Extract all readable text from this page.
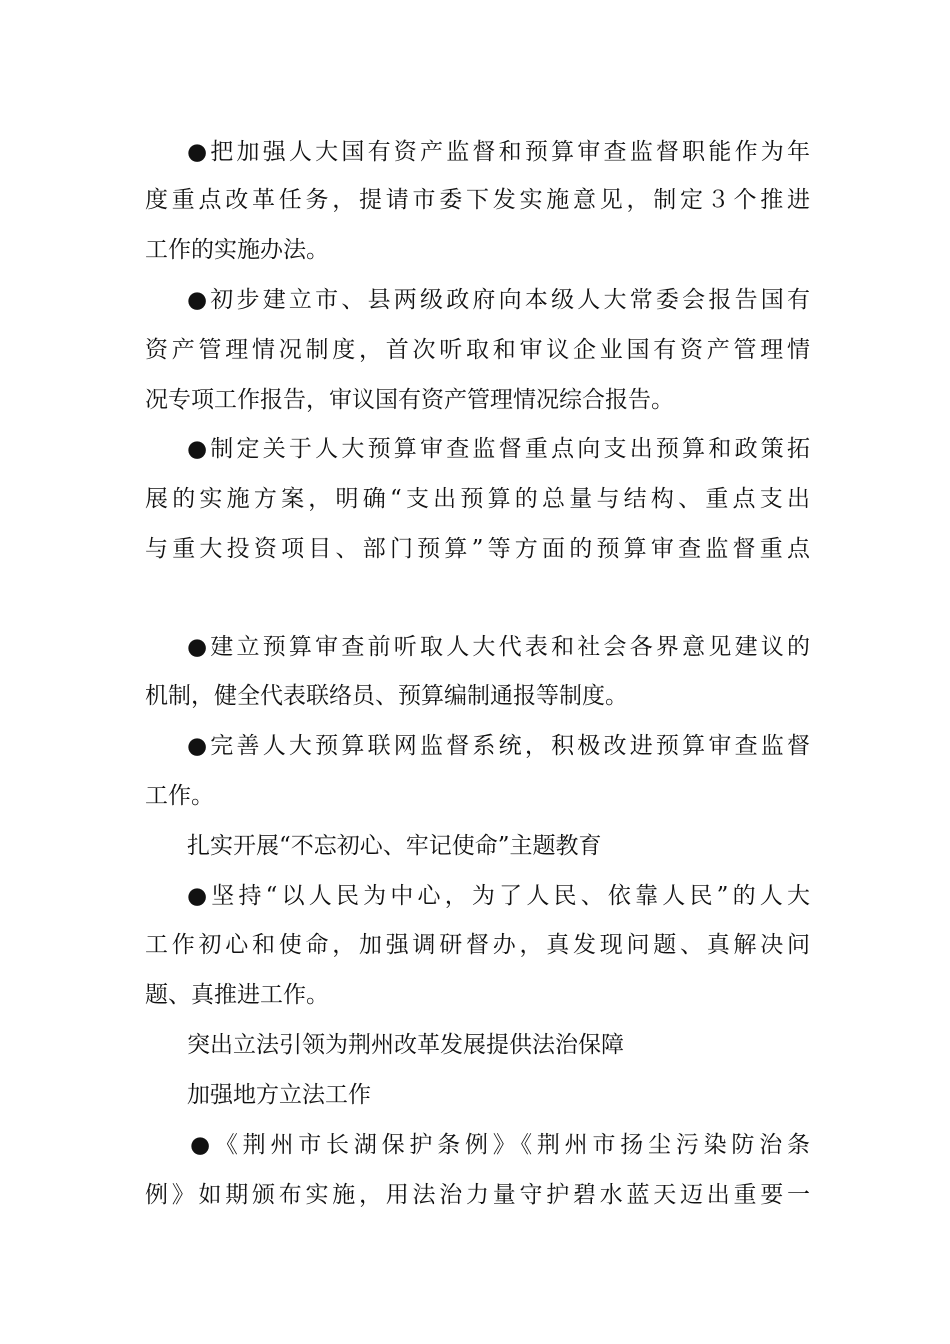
●把加强人大国有资产监督和预算审查监督职能作为年

度重点改革任务，提请市委下发实施意见，制定３个推进

工作的实施办法。

●初步建立市、县两级政府向本级人大常委会报告国有

资产管理情况制度，首次听取和审议企业国有资产管理情

况专项工作报告，审议国有资产管理情况综合报告。

●制定关于人大预算审查监督重点向支出预算和政策拓

展的实施方案，明确“支出预算的总量与结构、重点支出

与重大投资项目、部门预算”等方面的预算审查监督重点

●建立预算审查前听取人大代表和社会各界意见建议的

机制，健全代表联络员、预算编制通报等制度。

●完善人大预算联网监督系统，积极改进预算审查监督

工作。

扎实开展“不忘初心、牢记使命”主题教育

●坚持“以人民为中心，为了人民、依靠人民”的人大

工作初心和使命，加强调研督办，真发现问题、真解决问

题、真推进工作。

突出立法引领为荆州改革发展提供法治保障

加强地方立法工作

●《荆州市长湖保护条例》《荆州市扬尘污染防治条

例》如期颁布实施，用法治力量守护碧水蓝天迈出重要一
